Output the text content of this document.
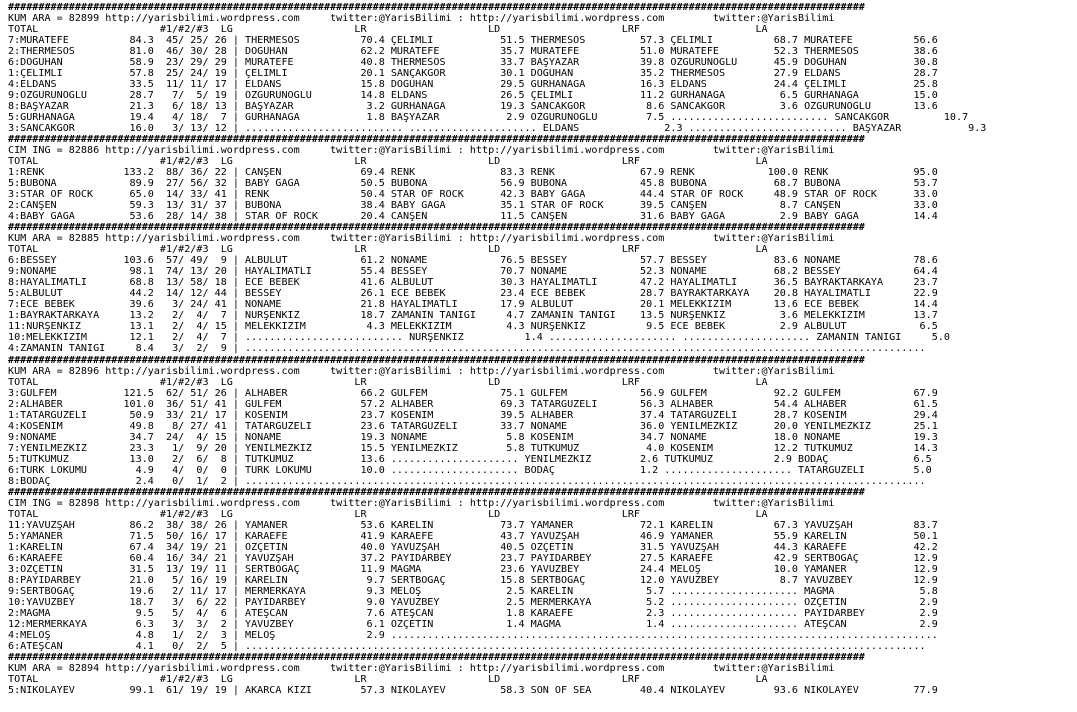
#############################################################################################################################################
KUM ARA = 82899 http://yarisbilimi.wordpress.com     twitter:@YarisBilimi : http://yarisbilimi.wordpress.com        twitter:@YarisBilimi
TOTAL                    #1/#2/#3  LG                    LR                    LD                    LRF                   LA
7:MURATEFE          84.3  45/ 25/ 26 | THERMESOS          70.4 ÇELİMLİ           51.5 THERMESOS         57.3 ÇELİMLİ          68.7 MURATEFE          56.6
2:THERMESOS         81.0  46/ 30/ 28 | DOĞUHAN            62.2 MURATEFE          35.7 MURATEFE          51.0 MURATEFE         52.3 THERMESOS         38.6
6:DOĞUHAN           58.9  23/ 29/ 29 | MURATEFE           40.8 THERMESOS         33.7 BAŞYAZAR          39.8 ÖZGÜRÜNOĞLU      45.9 DOĞUHAN           30.8
1:ÇELİMLİ           57.8  25/ 24/ 19 | ÇELİMLİ            20.1 SANÇAKGÖR         30.1 DOĞUHAN           35.2 THERMESOS        27.9 ELDANS            28.7
4:ELDANS            33.5  11/ 11/ 17 | ELDANS             15.8 DOĞUHAN           29.5 GÜRHANAĞA         16.3 ELDANS           24.4 ÇELİMLİ           25.8
9:ÖZGÜRÜNOĞLU       28.7   7/  5/ 19 | ÖZGÜRÜNOĞLU        14.8 ELDANS            26.5 ÇELİMLİ           11.2 GÜRHANAĞA         6.5 GÜRHANAĞA         15.0
8:BAŞYAZAR          21.3   6/ 18/ 13 | BAŞYAZAR            3.2 GÜRHANAĞA         19.3 SANCAKGÖR          8.6 SANCAKGÖR         3.6 ÖZGÜRÜNOĞLU       13.6
5:GÜRHANAĞA         19.4   4/ 18/  7 | GÜRHANAĞA           1.8 BAŞYAZAR           2.9 ÖZGÜRÜNOĞLU        7.5 .......................... SANCAKGÖR         10.7
3:SANCAKGÖR         16.0   3/ 13/ 12 | .......................... ..................... ELDANS              2.3 .......................... BAŞYAZAR           9.3
#############################################################################################################################################
CIM ING = 82886 http://yarisbilimi.wordpress.com     twitter:@YarisBilimi : http://yarisbilimi.wordpress.com        twitter:@YarisBilimi
TOTAL                    #1/#2/#3  LG                    LR                    LD                    LRF                   LA
1:RENK             133.2  88/ 36/ 22 | CANŞEN             69.4 RENK              83.3 RENK              67.9 RENK            100.0 RENK              95.0
5:BUBONA            89.9  27/ 56/ 32 | BABY GAGA          50.5 BUBONA            56.9 BUBONA            45.8 BUBONA           68.7 BUBONA            53.7
3:STAR OF ROCK      65.0  14/ 33/ 41 | RENK               50.4 STAR OF ROCK      42.3 BABY GAGA         44.4 STAR OF ROCK     48.9 STAR OF ROCK      33.0
2:CANŞEN            59.3  13/ 31/ 37 | BUBONA             38.4 BABY GAGA         35.1 STAR OF ROCK      39.5 CANŞEN            8.7 CANŞEN            33.0
4:BABY GAGA         53.6  28/ 14/ 38 | STAR OF ROCK       20.4 CANŞEN            11.5 CANŞEN            31.6 BABY GAGA         2.9 BABY GAGA         14.4
#############################################################################################################################################
KUM ARA = 82885 http://yarisbilimi.wordpress.com     twitter:@YarisBilimi : http://yarisbilimi.wordpress.com        twitter:@YarisBilimi
TOTAL                    #1/#2/#3  LG                    LR                    LD                    LRF                   LA
6:BESSEY           103.6  57/ 49/  9 | ALBULUT            61.2 NONAME            76.5 BESSEY            57.7 BESSEY           83.6 NONAME            78.6
9:NONAME            98.1  74/ 13/ 20 | HAYALİMATLI        55.4 BESSEY            70.7 NONAME            52.3 NONAME           68.2 BESSEY            64.4
8:HAYALİMATLI       68.8  13/ 58/ 18 | ECE BEBEK          41.6 ALBULUT           30.3 HAYALİMATLI       47.2 HAYALİMATLI      36.5 BAYRAKTARKAYA     23.7
5:ALBULUT           44.2  14/ 12/ 44 | BESSEY             26.1 ECE BEBEK         23.4 ECE BEBEK         28.7 BAYRAKTARKAYA    20.8 HAYALİMATLI       22.9
7:ECE BEBEK         39.6   3/ 24/ 41 | NONAME             21.8 HAYALİMATLI       17.9 ALBULUT           20.1 MELEKKIZIM       13.6 ECE BEBEK         14.4
1:BAYRAKTARKAYA     13.2   2/  4/  7 | NURŞENKIZ          18.7 ZAMANIN TANIĞI     4.7 ZAMANIN TANIĞI    13.5 NURŞENKIZ         3.6 MELEKKIZIM        13.7
11:NURŞENKIZ        13.1   2/  4/ 15 | MELEKKIZIM          4.3 MELEKKIZIM         4.3 NURŞENKIZ          9.5 ECE BEBEK         2.9 ALBULUT            6.5
10:MELEKKIZIM       12.1   2/  4/  7 | .......................... NURŞENKIZ          1.4 ..................... ..................... ZAMANIN TANIĞI     5.0
4:ZAMANIN TANIĞI     8.4   3/  2/  9 | ................................................................................................................
#############################################################################################################################################
KUM ARA = 82896 http://yarisbilimi.wordpress.com     twitter:@YarisBilimi : http://yarisbilimi.wordpress.com        twitter:@YarisBilimi
TOTAL                    #1/#2/#3  LG                    LR                    LD                    LRF                   LA
3:GÜLFEM           121.5  62/ 51/ 26 | ALHABER            66.2 GÜLFEM            75.1 GÜLFEM            56.9 GÜLFEM           92.2 GÜLFEM            67.9
2:ALHABER          101.0  36/ 51/ 41 | GÜLFEM             57.2 ALHABER           69.3 TATARGÜZELİ       56.3 ALHABER          54.4 ALHABER           61.5
1:TATARGÜZELİ       50.9  33/ 21/ 17 | KÖSENİM            23.7 KÖSENİM           39.5 ALHABER           37.4 TATARGÜZELİ      28.7 KÖSENİM           29.4
4:KÖSENİM           49.8   8/ 27/ 41 | TATARGÜZELİ        23.6 TATARGÜZELİ       33.7 NONAME            36.0 YENİLMEZKIZ      20.0 YENİLMEZKIZ       25.1
9:NONAME            34.7  24/  4/ 15 | NONAME             19.3 NONAME             5.8 KÖSENİM           34.7 NONAME           18.0 NONAME            19.3
7:YENİLMEZKIZ       23.3   1/  9/ 20 | YENİLMEZKIZ        15.5 YENİLMEZKIZ        5.8 TUTKUMUZ           4.0 KÖSENİM          12.2 TUTKUMUZ          14.3
5:TUTKUMUZ          13.0   2/  6/  8 | TUTKUMUZ           13.6 ..................... YENİLMEZKIZ        2.6 TUTKUMUZ          2.9 BODAÇ              6.5
6:TÜRK LOKUMU        4.9   4/  0/  0 | TÜRK LOKUMU        10.0 ..................... BODAÇ              1.2 ..................... TATARGÜZELİ        5.0
8:BODAÇ              2.4   0/  1/  2 | ................................................................................................................
#############################################################################################################################################
CIM ING = 82898 http://yarisbilimi.wordpress.com     twitter:@YarisBilimi : http://yarisbilimi.wordpress.com        twitter:@YarisBilimi
TOTAL                    #1/#2/#3  LG                    LR                    LD                    LRF                   LA
11:YAVUZŞAH         86.2  38/ 38/ 26 | YAMANER            53.6 KARELİN           73.7 YAMANER           72.1 KARELİN          67.3 YAVUZŞAH          83.7
5:YAMANER           71.5  50/ 16/ 17 | KARAEFE            41.9 KARAEFE           43.7 YAVUZŞAH          46.9 YAMANER          55.9 KARELİN           50.1
1:KARELİN           67.4  34/ 19/ 21 | ÖZÇETİN            40.0 YAVUZŞAH          40.5 ÖZÇETİN           31.5 YAVUZŞAH         44.3 KARAEFE           42.2
6:KARAEFE           60.4  16/ 34/ 21 | YAVUZŞAH           37.2 PAYİDARBEY        23.7 PAYİDARBEY        27.5 KARAEFE          42.9 SERTBOĞAÇ         12.9
3:ÖZÇETİN           31.5  13/ 19/ 11 | SERTBOĞAÇ          11.9 MAGMA             23.6 YAVUZBEY          24.4 MELOŞ            10.0 YAMANER           12.9
8:PAYİDARBEY        21.0   5/ 16/ 19 | KARELİN             9.7 SERTBOĞAÇ         15.8 SERTBOĞAÇ         12.0 YAVUZBEY          8.7 YAVUZBEY          12.9
9:SERTBOĞAÇ         19.6   2/ 11/ 17 | MERMERKAYA          9.3 MELOŞ              2.5 KARELİN            5.7 ..................... MAGMA              5.8
10:YAVUZBEY         18.7   3/  6/ 22 | PAYİDARBEY          9.0 YAVUZBEY           2.5 MERMERKAYA         5.2 ..................... ÖZÇETİN            2.9
2:MAGMA              9.5   5/  4/  6 | ATEŞCAN             7.6 ATEŞCAN            1.8 KARAEFE            2.3 ..................... PAYİDARBEY         2.9
12:MERMERKAYA        6.3   3/  3/  2 | YAVUZBEY            6.1 ÖZÇETİN            1.4 MAGMA              1.4 ..................... ATEŞCAN            2.9
4:MELOŞ              4.8   1/  2/  3 | MELOŞ               2.9 ..........................................................................................
6:ATEŞCAN            4.1   0/  2/  5 | ................................................................................................................
#############################################################################################################################################
KUM ARA = 82894 http://yarisbilimi.wordpress.com     twitter:@YarisBilimi : http://yarisbilimi.wordpress.com        twitter:@YarisBilimi
TOTAL                    #1/#2/#3  LG                    LR                    LD                    LRF                   LA
5:NIKOLAYEV         99.1  61/ 19/ 19 | AKARCA KIZI        57.3 NIKOLAYEV         58.3 SON OF SEA        40.4 NIKOLAYEV        93.6 NIKOLAYEV         77.9
